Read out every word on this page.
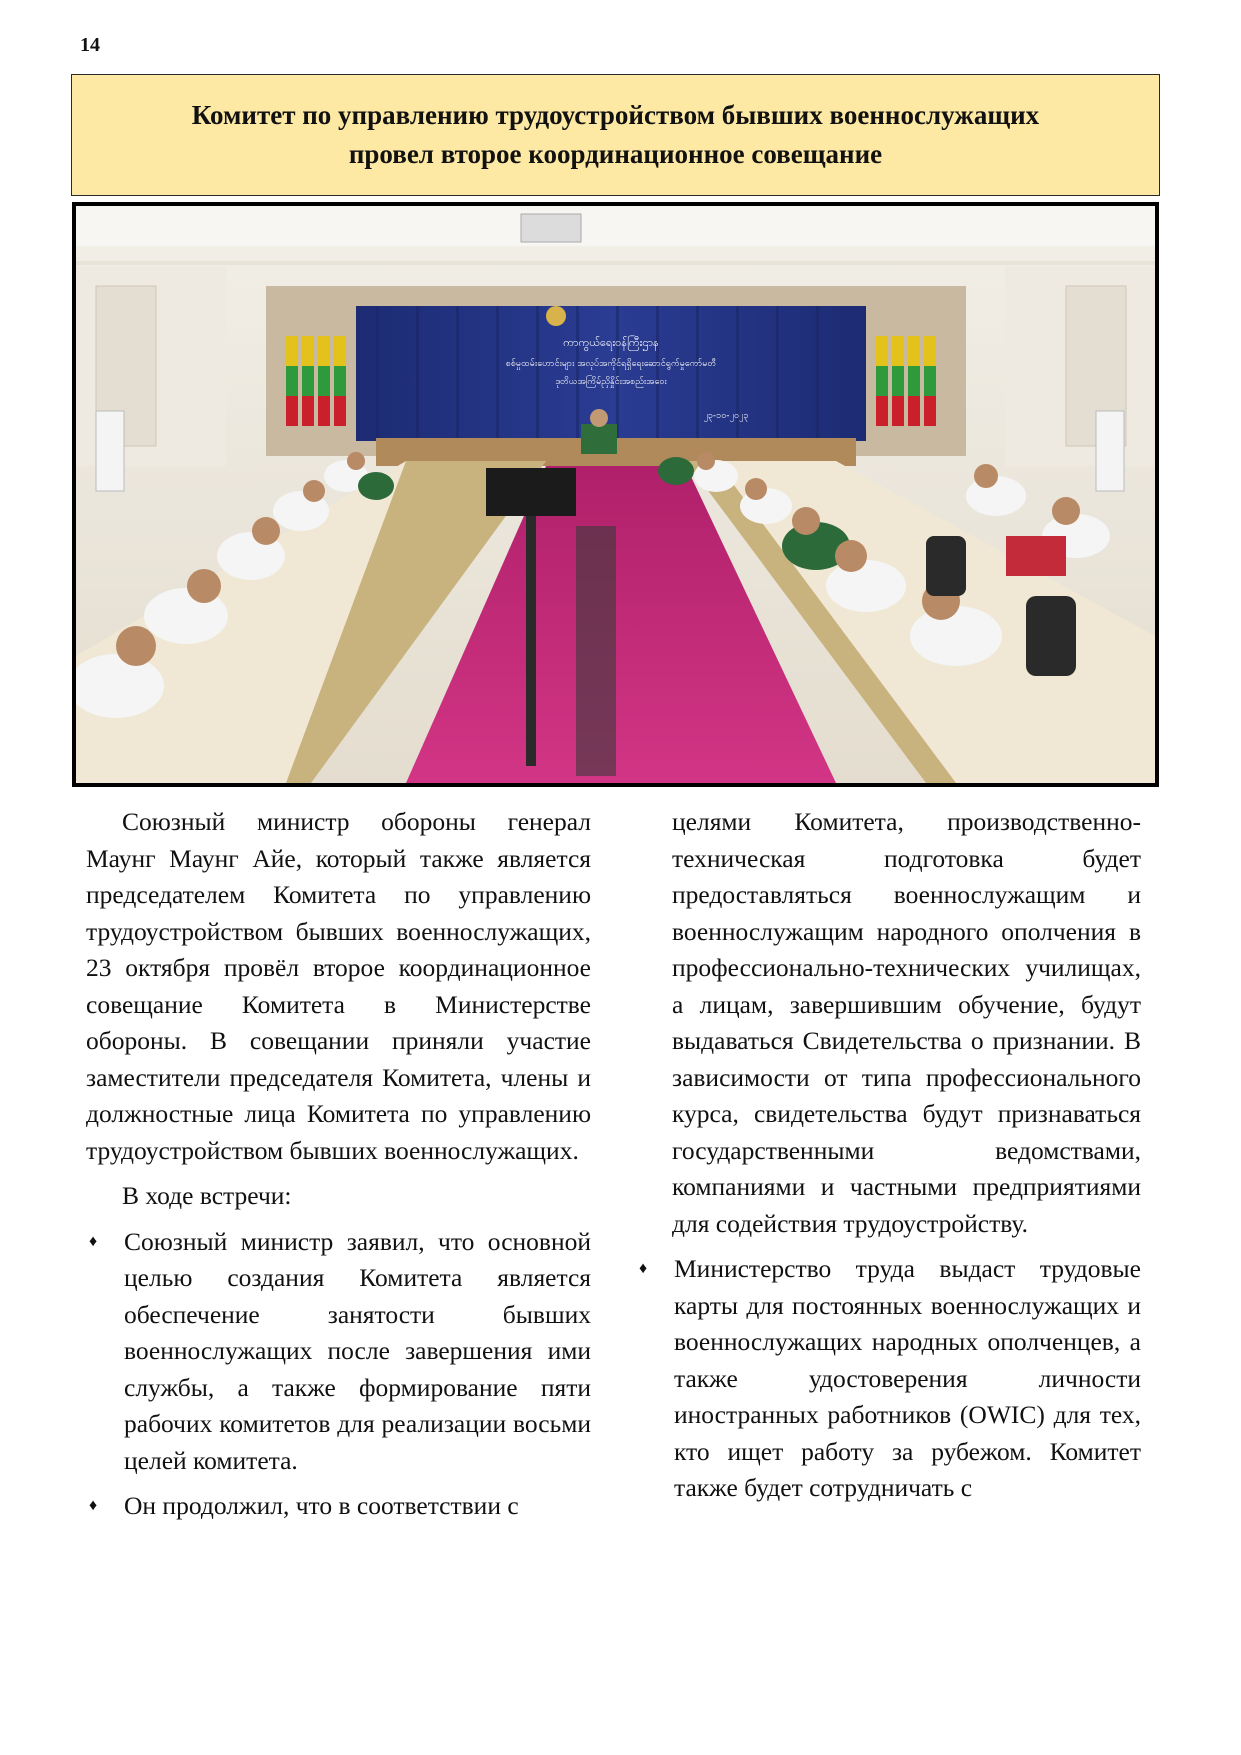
14
Комитет по управлению трудоустройством бывших военнослужащих
провел второе координационное совещание
ကာကွယ်ရေးဝန်ကြီးဌာန
စစ်မှုထမ်းဟောင်းများ အလုပ်အကိုင်ရရှိရေးဆောင်ရွက်မှုကော်မတီ
ဒုတိယအကြိမ်ညှိနှိုင်းအစည်းအဝေး
၂၃-၁၀-၂၀၂၃

Союзный министр обороны генерал Маунг Маунг Айе, который также является председателем Комитета по управлению трудоустройством бывших военнослужащих, 23 октября провёл второе координационное совещание Комитета в Министерстве обороны. В совещании приняли участие заместители председателя Комитета, члены и должностные лица Комитета по управлению трудоустройством бывших военнослужащих.

В ходе встречи:

♦ Союзный министр заявил, что основной целью создания Комитета является обеспечение занятости бывших военнослужащих после завершения ими службы, а также формирование пяти рабочих комитетов для реализации восьми целей комитета.
♦ Он продолжил, что в соответствии с

целями Комитета, производственно-техническая подготовка будет предоставляться военнослужащим и военнослужащим народного ополчения в профессионально-технических училищах, а лицам, завершившим обучение, будут выдаваться Свидетельства о признании. В зависимости от типа профессионального курса, свидетельства будут признаваться государственными ведомствами, компаниями и частными предприятиями для содействия трудоустройству.

♦ Министерство труда выдаст трудовые карты для постоянных военнослужащих и военнослужащих народных ополченцев, а также удостоверения личности иностранных работников (OWIC) для тех, кто ищет работу за рубежом. Комитет также будет сотрудничать с
